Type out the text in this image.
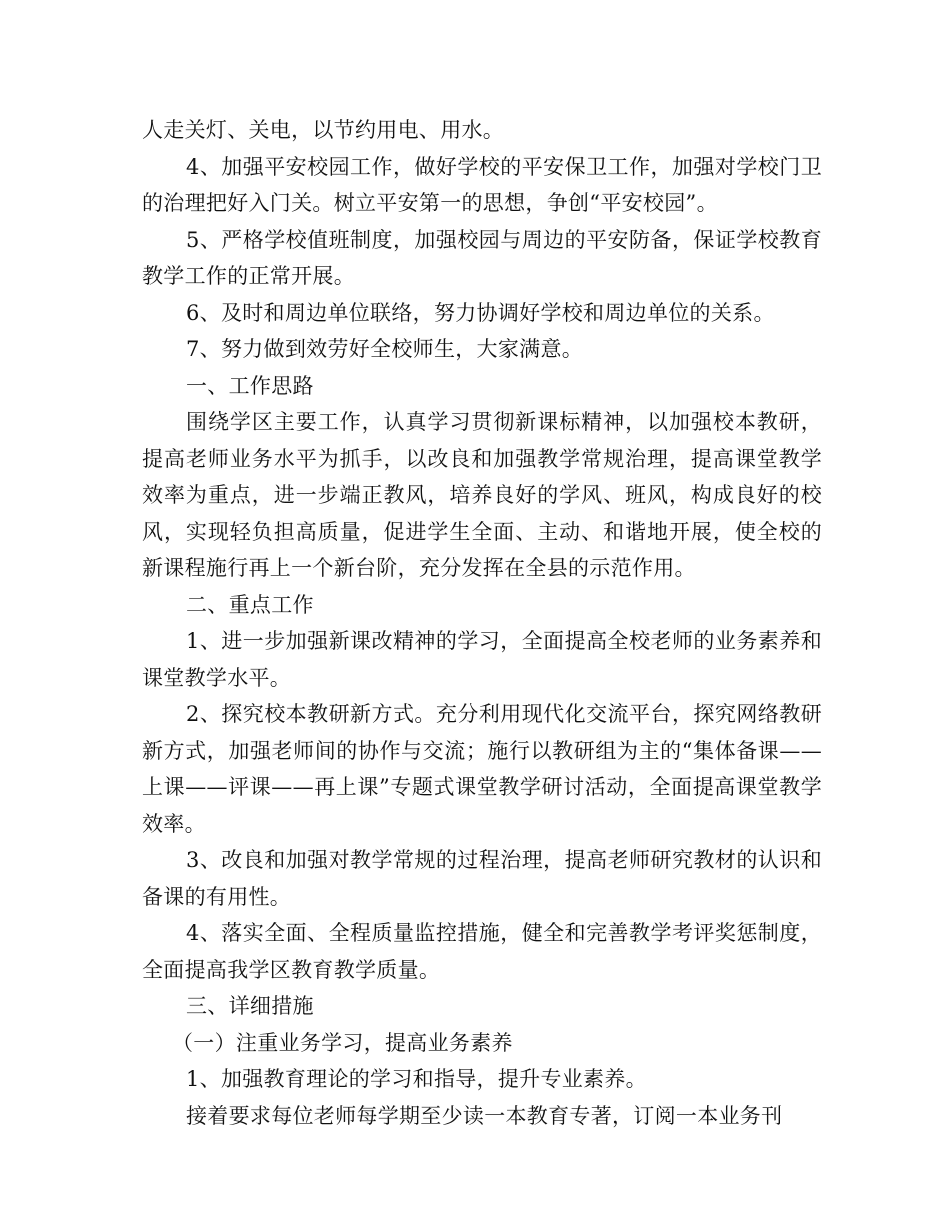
人走关灯、关电，以节约用电、用水。

4、加强平安校园工作，做好学校的平安保卫工作，加强对学校门卫的治理把好入门关。树立平安第一的思想，争创“平安校园”。

5、严格学校值班制度，加强校园与周边的平安防备，保证学校教育教学工作的正常开展。

6、及时和周边单位联络，努力协调好学校和周边单位的关系。

7、努力做到效劳好全校师生，大家满意。

一、工作思路

围绕学区主要工作，认真学习贯彻新课标精神，以加强校本教研，提高老师业务水平为抓手，以改良和加强教学常规治理，提高课堂教学效率为重点，进一步端正教风，培养良好的学风、班风，构成良好的校风，实现轻负担高质量，促进学生全面、主动、和谐地开展，使全校的新课程施行再上一个新台阶，充分发挥在全县的示范作用。

二、重点工作

1、进一步加强新课改精神的学习，全面提高全校老师的业务素养和课堂教学水平。

2、探究校本教研新方式。充分利用现代化交流平台，探究网络教研新方式，加强老师间的协作与交流；施行以教研组为主的“集体备课——上课——评课——再上课”专题式课堂教学研讨活动，全面提高课堂教学效率。

3、改良和加强对教学常规的过程治理，提高老师研究教材的认识和备课的有用性。

4、落实全面、全程质量监控措施，健全和完善教学考评奖惩制度，全面提高我学区教育教学质量。

三、详细措施

（一）注重业务学习，提高业务素养

1、加强教育理论的学习和指导，提升专业素养。

接着要求每位老师每学期至少读一本教育专著，订阅一本业务刊
